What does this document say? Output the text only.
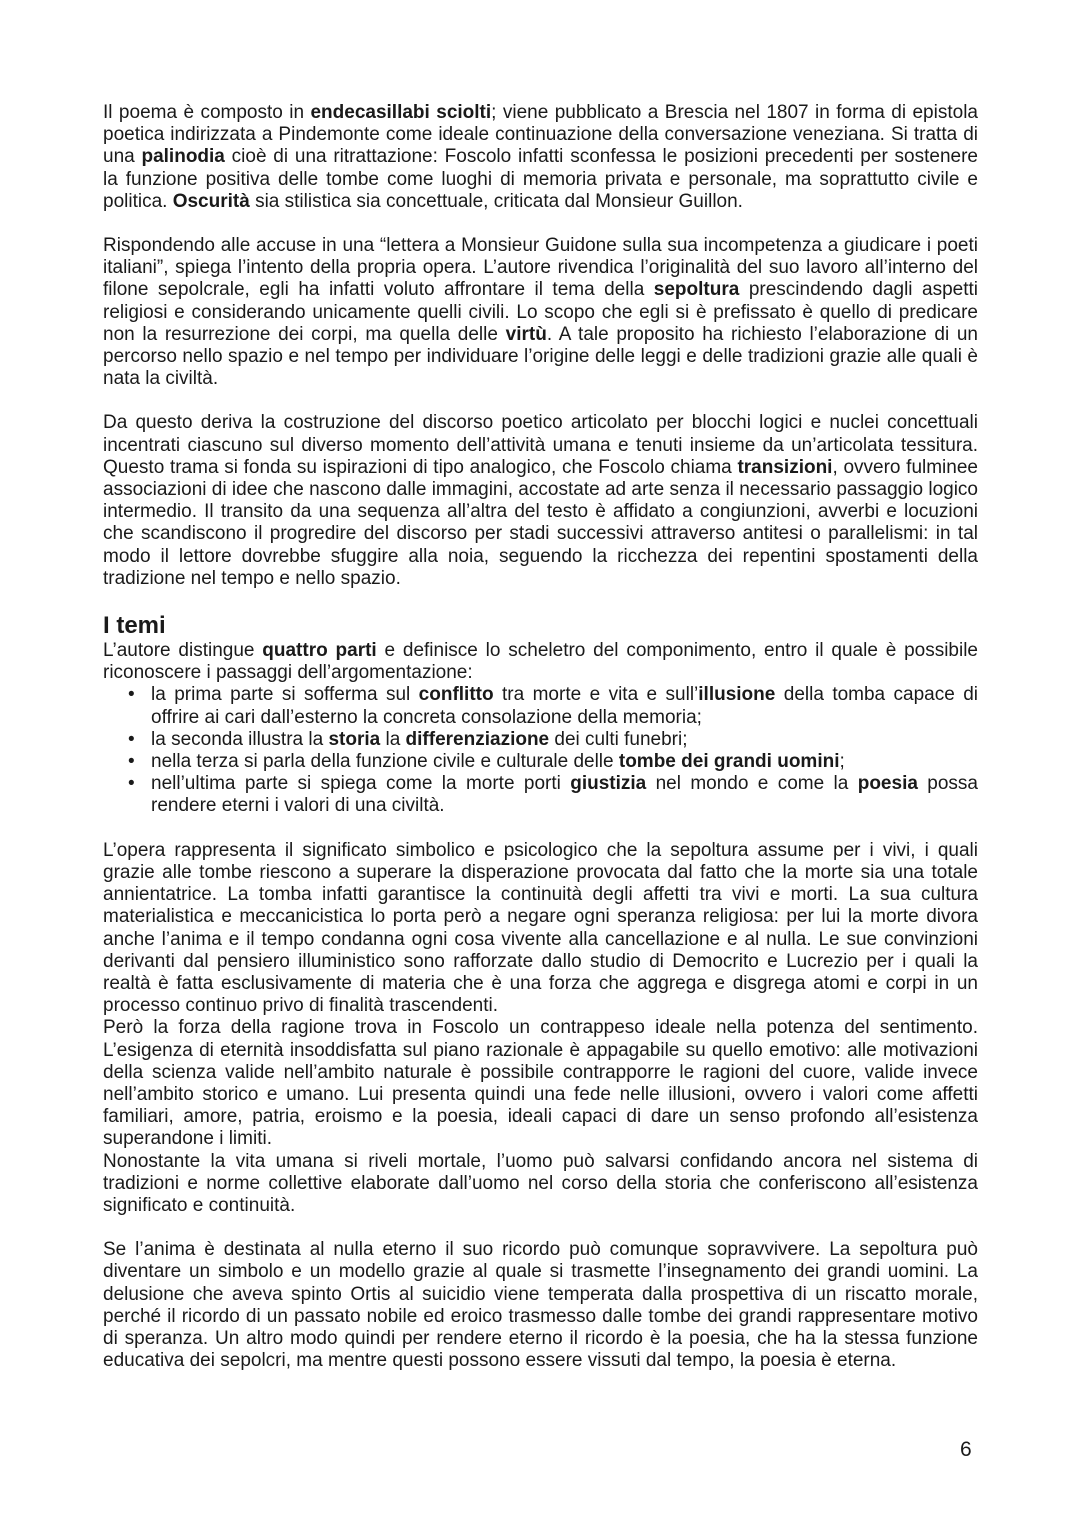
Il poema è composto in endecasillabi sciolti; viene pubblicato a Brescia nel 1807 in forma di epistola poetica indirizzata a Pindemonte come ideale continuazione della conversazione veneziana. Si tratta di una palinodia cioè di una ritrattazione: Foscolo infatti sconfessa le posizioni precedenti per sostenere la funzione positiva delle tombe come luoghi di memoria privata e personale, ma soprattutto civile e politica. Oscurità sia stilistica sia concettuale, criticata dal Monsieur Guillon.

Rispondendo alle accuse in una “lettera a Monsieur Guidone sulla sua incompetenza a giudicare i poeti italiani”, spiega l’intento della propria opera. L’autore rivendica l’originalità del suo lavoro all’interno del filone sepolcrale, egli ha infatti voluto affrontare il tema della sepoltura prescindendo dagli aspetti religiosi e considerando unicamente quelli civili. Lo scopo che egli si è prefissato è quello di predicare non la resurrezione dei corpi, ma quella delle virtù. A tale proposito ha richiesto l’elaborazione di un percorso nello spazio e nel tempo per individuare l’origine delle leggi e delle tradizioni grazie alle quali è nata la civiltà.

Da questo deriva la costruzione del discorso poetico articolato per blocchi logici e nuclei concettuali incentrati ciascuno sul diverso momento dell’attività umana e tenuti insieme da un’articolata tessitura. Questo trama si fonda su ispirazioni di tipo analogico, che Foscolo chiama transizioni, ovvero fulminee associazioni di idee che nascono dalle immagini, accostate ad arte senza il necessario passaggio logico intermedio. Il transito da una sequenza all’altra del testo è affidato a congiunzioni, avverbi e locuzioni che scandiscono il progredire del discorso per stadi successivi attraverso antitesi o parallelismi: in tal modo il lettore dovrebbe sfuggire alla noia, seguendo la ricchezza dei repentini spostamenti della tradizione nel tempo e nello spazio.

I temi

L’autore distingue quattro parti e definisce lo scheletro del componimento, entro il quale è possibile riconoscere i passaggi dell’argomentazione:

• la prima parte si sofferma sul conflitto tra morte e vita e sull’illusione della tomba capace di offrire ai cari dall’esterno la concreta consolazione della memoria;
• la seconda illustra la storia la differenziazione dei culti funebri;
• nella terza si parla della funzione civile e culturale delle tombe dei grandi uomini;
• nell’ultima parte si spiega come la morte porti giustizia nel mondo e come la poesia possa rendere eterni i valori di una civiltà.

L’opera rappresenta il significato simbolico e psicologico che la sepoltura assume per i vivi, i quali grazie alle tombe riescono a superare la disperazione provocata dal fatto che la morte sia una totale annientatrice. La tomba infatti garantisce la continuità degli affetti tra vivi e morti. La sua cultura materialistica e meccanicistica lo porta però a negare ogni speranza religiosa: per lui la morte divora anche l’anima e il tempo condanna ogni cosa vivente alla cancellazione e al nulla. Le sue convinzioni derivanti dal pensiero illuministico sono rafforzate dallo studio di Democrito e Lucrezio per i quali la realtà è fatta esclusivamente di materia che è una forza che aggrega e disgrega atomi e corpi in un processo continuo privo di finalità trascendenti.

Però la forza della ragione trova in Foscolo un contrappeso ideale nella potenza del sentimento. L’esigenza di eternità insoddisfatta sul piano razionale è appagabile su quello emotivo: alle motivazioni della scienza valide nell’ambito naturale è possibile contrapporre le ragioni del cuore, valide invece nell’ambito storico e umano. Lui presenta quindi una fede nelle illusioni, ovvero i valori come affetti familiari, amore, patria, eroismo e la poesia, ideali capaci di dare un senso profondo all’esistenza superandone i limiti.

Nonostante la vita umana si riveli mortale, l’uomo può salvarsi confidando ancora nel sistema di tradizioni e norme collettive elaborate dall’uomo nel corso della storia che conferiscono all’esistenza significato e continuità.

Se l’anima è destinata al nulla eterno il suo ricordo può comunque sopravvivere. La sepoltura può diventare un simbolo e un modello grazie al quale si trasmette l’insegnamento dei grandi uomini. La delusione che aveva spinto Ortis al suicidio viene temperata dalla prospettiva di un riscatto morale, perché il ricordo di un passato nobile ed eroico trasmesso dalle tombe dei grandi rappresentare motivo di speranza. Un altro modo quindi per rendere eterno il ricordo è la poesia, che ha la stessa funzione educativa dei sepolcri, ma mentre questi possono essere vissuti dal tempo, la poesia è eterna.

6
